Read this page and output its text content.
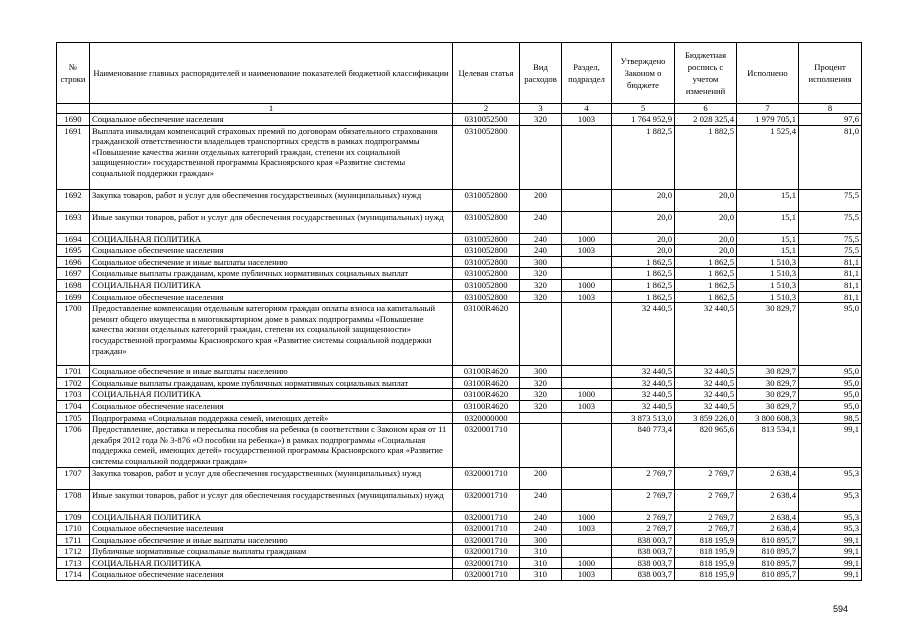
№ строки	Наименование главных распорядителей и наименование показателей бюджетной классификации	Целевая статья	Вид расходов	Раздел, подраздел	Утверждено Законом о бюджете	Бюджетная роспись с учетом изменений	Исполнено	Процент исполнения
	1	2	3	4	5	6	7	8
1690	Социальное обеспечение населения	0310052500	320	1003	1 764 952,9	2 028 325,4	1 979 705,1	97,6
1691	Выплата инвалидам компенсаций страховых премий по договорам обязательного страхования гражданской ответственности владельцев транспортных средств в рамках подпрограммы «Повышение качества жизни отдельных категорий граждан, степени их социальной защищенности» государственной программы Красноярского края «Развитие системы социальной поддержки граждан»	0310052800			1 882,5	1 882,5	1 525,4	81,0
1692	Закупка товаров, работ и услуг для обеспечения государственных (муниципальных) нужд	0310052800	200		20,0	20,0	15,1	75,5
1693	Иные закупки товаров, работ и услуг для обеспечения государственных (муниципальных) нужд	0310052800	240		20,0	20,0	15,1	75,5
1694	СОЦИАЛЬНАЯ ПОЛИТИКА	0310052800	240	1000	20,0	20,0	15,1	75,5
1695	Социальное обеспечение населения	0310052800	240	1003	20,0	20,0	15,1	75,5
1696	Социальное обеспечение и иные выплаты населению	0310052800	300		1 862,5	1 862,5	1 510,3	81,1
1697	Социальные выплаты гражданам, кроме публичных нормативных социальных выплат	0310052800	320		1 862,5	1 862,5	1 510,3	81,1
1698	СОЦИАЛЬНАЯ ПОЛИТИКА	0310052800	320	1000	1 862,5	1 862,5	1 510,3	81,1
1699	Социальное обеспечение населения	0310052800	320	1003	1 862,5	1 862,5	1 510,3	81,1
1700	Предоставление компенсации отдельным категориям граждан оплаты взноса на капитальный ремонт общего имущества в многоквартирном доме в рамках подпрограммы «Повышение качества жизни отдельных категорий граждан, степени их социальной защищенности» государственной программы Красноярского края «Развитие системы социальной поддержки граждан»	03100R4620			32 440,5	32 440,5	30 829,7	95,0
1701	Социальное обеспечение и иные выплаты населению	03100R4620	300		32 440,5	32 440,5	30 829,7	95,0
1702	Социальные выплаты гражданам, кроме публичных нормативных социальных выплат	03100R4620	320		32 440,5	32 440,5	30 829,7	95,0
1703	СОЦИАЛЬНАЯ ПОЛИТИКА	03100R4620	320	1000	32 440,5	32 440,5	30 829,7	95,0
1704	Социальное обеспечение населения	03100R4620	320	1003	32 440,5	32 440,5	30 829,7	95,0
1705	Подпрограмма «Социальная поддержка семей, имеющих детей»	0320000000			3 873 513,0	3 859 226,0	3 800 608,3	98,5
1706	Предоставление, доставка и пересылка пособия на ребенка (в соответствии с Законом края от 11 декабря 2012 года № 3-876 «О пособии на ребенка») в рамках подпрограммы «Социальная поддержка семей, имеющих детей» государственной программы Красноярского края «Развитие системы социальной поддержки граждан»	0320001710			840 773,4	820 965,6	813 534,1	99,1
1707	Закупка товаров, работ и услуг для обеспечения государственных (муниципальных) нужд	0320001710	200		2 769,7	2 769,7	2 638,4	95,3
1708	Иные закупки товаров, работ и услуг для обеспечения государственных (муниципальных) нужд	0320001710	240		2 769,7	2 769,7	2 638,4	95,3
1709	СОЦИАЛЬНАЯ ПОЛИТИКА	0320001710	240	1000	2 769,7	2 769,7	2 638,4	95,3
1710	Социальное обеспечение населения	0320001710	240	1003	2 769,7	2 769,7	2 638,4	95,3
1711	Социальное обеспечение и иные выплаты населению	0320001710	300		838 003,7	818 195,9	810 895,7	99,1
1712	Публичные нормативные социальные выплаты гражданам	0320001710	310		838 003,7	818 195,9	810 895,7	99,1
1713	СОЦИАЛЬНАЯ ПОЛИТИКА	0320001710	310	1000	838 003,7	818 195,9	810 895,7	99,1
1714	Социальное обеспечение населения	0320001710	310	1003	838 003,7	818 195,9	810 895,7	99,1
594
